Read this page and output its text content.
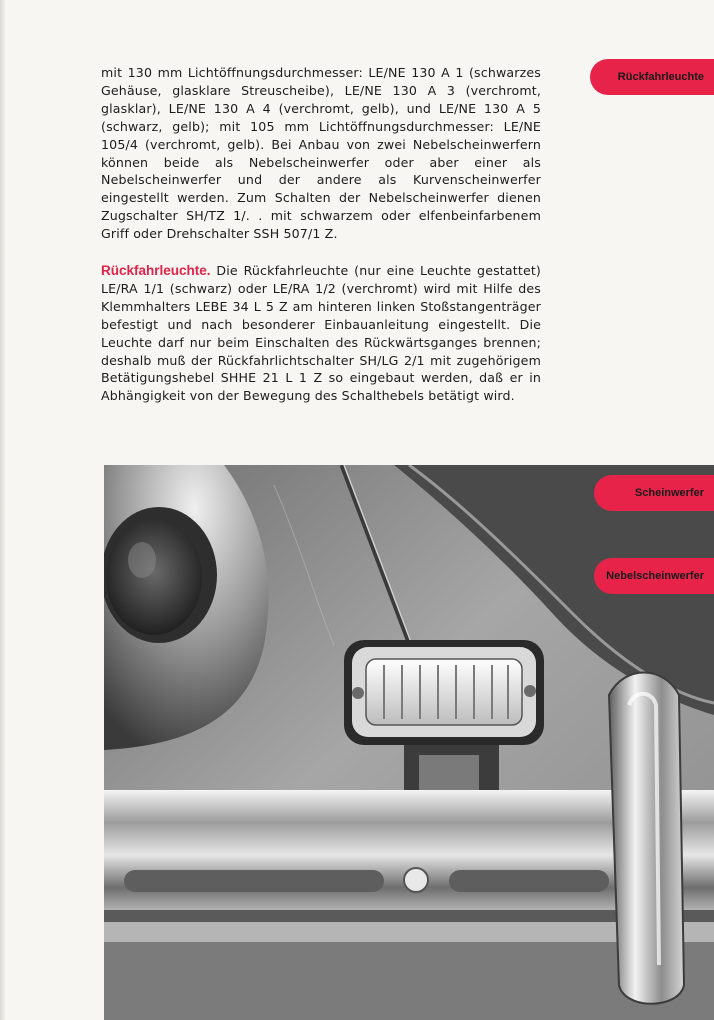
mit 130 mm Lichtöffnungsdurchmesser: LE/NE 130 A 1 (schwarzes Gehäuse, glasklare Streuscheibe), LE/NE 130 A 3 (verchromt, glasklar), LE/NE 130 A 4 (verchromt, gelb), und LE/NE 130 A 5 (schwarz, gelb); mit 105 mm Lichtöffnungsdurchmesser: LE/NE 105/4 (verchromt, gelb). Bei Anbau von zwei Nebelscheinwerfern können beide als Nebelscheinwerfer oder aber einer als Nebelscheinwerfer und der andere als Kurvenscheinwerfer eingestellt werden. Zum Schalten der Nebelscheinwerfer dienen Zugschalter SH/TZ 1/. . mit schwarzem oder elfenbeinfarbenem Griff oder Drehschalter SSH 507/1 Z.
Rückfahrleuchte. Die Rückfahrleuchte (nur eine Leuchte gestattet) LE/RA 1/1 (schwarz) oder LE/RA 1/2 (verchromt) wird mit Hilfe des Klemmhalters LEBE 34 L 5 Z am hinteren linken Stoßstangenträger befestigt und nach besonderer Einbauanleitung eingestellt. Die Leuchte darf nur beim Einschalten des Rückwärtsganges brennen; deshalb muß der Rückfahrlichtschalter SH/LG 2/1 mit zugehörigem Betätigungshebel SHHE 21 L 1 Z so eingebaut werden, daß er in Abhängigkeit von der Bewegung des Schalthebels betätigt wird.
Rückfahrleuchte
Scheinwerfer
Nebelscheinwerfer
